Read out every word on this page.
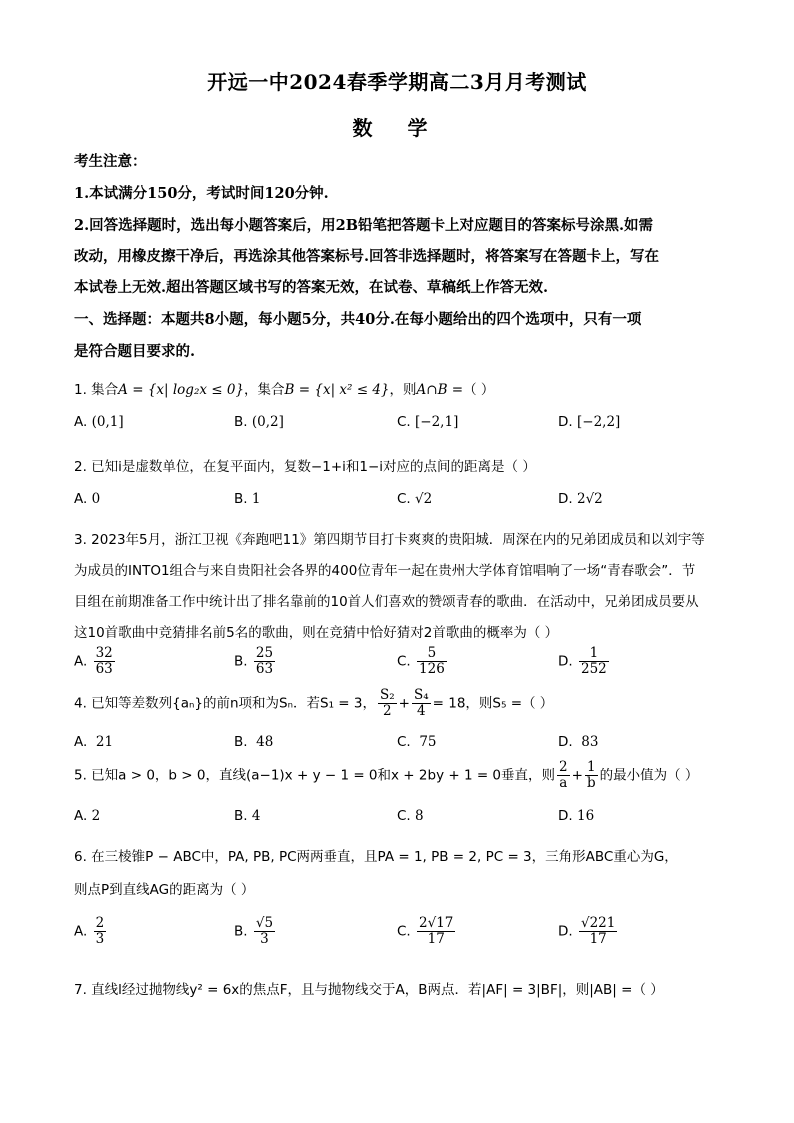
开远一中2024春季学期高二3月月考测试
数 学
考生注意：
1.本试满分150分，考试时间120分钟.
2.回答选择题时，选出每小题答案后，用2B铅笔把答题卡上对应题目的答案标号涂黑.如需
改动，用橡皮擦干净后，再选涂其他答案标号.回答非选择题时，将答案写在答题卡上，写在
本试卷上无效.超出答题区域书写的答案无效，在试卷、草稿纸上作答无效.
一、选择题：本题共8小题，每小题5分，共40分.在每小题给出的四个选项中，只有一项
是符合题目要求的.
1. 集合A = {x| log₂x ≤ 0}，集合B = {x| x² ≤ 4}，则A∩B =（ ）
A. (0,1]	B. (0,2]	C. [−2,1]	D. [−2,2]
2. 已知i是虚数单位，在复平面内，复数−1+i和1−i对应的点间的距离是（ ）
A. 0	B. 1	C. √2	D. 2√2
3. 2023年5月，浙江卫视《奔跑吧11》第四期节目打卡爽爽的贵阳城．周深在内的兄弟团成员和以刘宇等
为成员的INTO1组合与来自贵阳社会各界的400位青年一起在贵州大学体育馆唱响了一场“青春歌会”．节
目组在前期准备工作中统计出了排名靠前的10首人们喜欢的赞颂青春的歌曲．在活动中，兄弟团成员要从
这10首歌曲中竞猜排名前5名的歌曲，则在竞猜中恰好猜对2首歌曲的概率为（ ）
A. $\frac{32}{63}$	B. $\frac{25}{63}$	C. $\frac{5}{126}$	D. $\frac{1}{252}$
4. 已知等差数列{aₙ}的前n项和为Sₙ．若S₁ = 3， $\frac{\text{S₂}}{2} + \frac{\text{S₄}}{4} = 18$，则S₅ =（ ）
A. 21	B. 48	C. 75	D. 83
5. 已知a > 0，b > 0，直线(a−1)x + y − 1 = 0和x + 2by + 1 = 0垂直，则 $\frac{2}{a} + \frac{1}{b}$ 的最小值为（ ）
A. 2	B. 4	C. 8	D. 16
6. 在三棱锥P − ABC中，PA, PB, PC两两垂直，且PA = 1, PB = 2, PC = 3，三角形ABC重心为G，
则点P到直线AG的距离为（ ）
A. $\frac{2}{3}$	B. $\frac{√5}{3}$	C. $\frac{2√17}{17}$	D. $\frac{√221}{17}$
7. 直线l经过抛物线y² = 6x的焦点F，且与抛物线交于A，B两点．若|AF| = 3|BF|，则|AB| =（ ）
